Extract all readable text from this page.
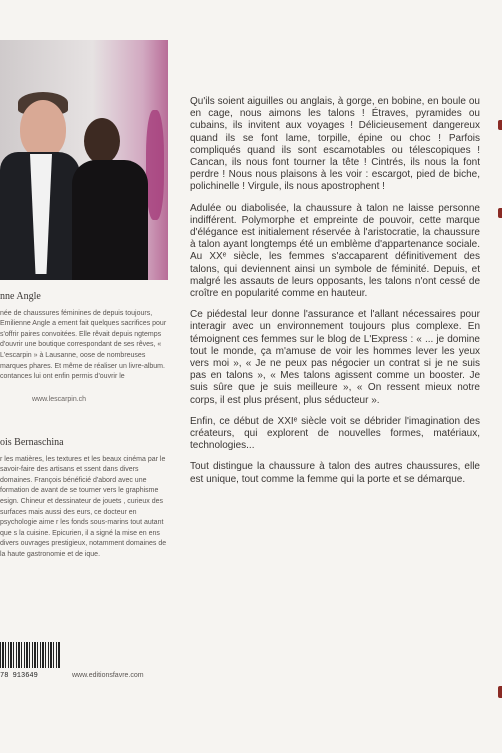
nne Angle

née de chaussures féminines de depuis toujours, Emilienne Angle a ement fait quelques sacrifices pour s'offrir paires convoitées. Elle rêvait depuis ngtemps d'ouvrir une boutique correspondant de ses rêves, « L'escarpin » à Lausanne, oose de nombreuses marques phares. Et même de réaliser un livre-album. contances lui ont enfin permis d'ouvrir le

www.lescarpin.ch
ois Bernaschina

r les matières, les textures et les beaux cinéma par le savoir-faire des artisans et ssent dans divers domaines. François bénéficié d'abord avec une formation de avant de se tourner vers le graphisme esign. Chineur et dessinateur de jouets , curieux des surfaces mais aussi des eurs, ce docteur en psychologie aime r les fonds sous-marins tout autant que s la cuisine. Epicurien, il a signé la mise en ens divers ouvrages prestigieux, notamment domaines de la haute gastronomie et de ique.

78 913649	www.editionsfavre.com

Qu'ils soient aiguilles ou anglais, à gorge, en bobine, en boule ou en cage, nous aimons les talons ! Étraves, pyramides ou cubains, ils invitent aux voyages ! Délicieusement dangereux quand ils se font lame, torpille, épine ou choc ! Parfois compliqués quand ils sont escamotables ou télescopiques ! Cancan, ils nous font tourner la tête ! Cintrés, ils nous la font perdre ! Nous nous plaisons à les voir : escargot, pied de biche, polichinelle ! Virgule, ils nous apostrophent !

Adulée ou diabolisée, la chaussure à talon ne laisse personne indifférent. Polymorphe et empreinte de pouvoir, cette marque d'élégance est initialement réservée à l'aristocratie, la chaussure à talon ayant longtemps été un emblème d'appartenance sociale. Au XXᵉ siècle, les femmes s'accaparent définitivement des talons, qui deviennent ainsi un symbole de féminité. Depuis, et malgré les assauts de leurs opposants, les talons n'ont cessé de croître en popularité comme en hauteur.

Ce piédestal leur donne l'assurance et l'allant nécessaires pour interagir avec un environnement toujours plus complexe. En témoignent ces femmes sur le blog de L'Express : « ... je domine tout le monde, ça m'amuse de voir les hommes lever les yeux vers moi », « Je ne peux pas négocier un contrat si je ne suis pas en talons », « Mes talons agissent comme un booster. Je suis sûre que je suis meilleure », « On ressent mieux notre corps, il est plus présent, plus séducteur ».

Enfin, ce début de XXIᵉ siècle voit se débrider l'imagination des créateurs, qui explorent de nouvelles formes, matériaux, technologies...

Tout distingue la chaussure à talon des autres chaussures, elle est unique, tout comme la femme qui la porte et se démarque.
